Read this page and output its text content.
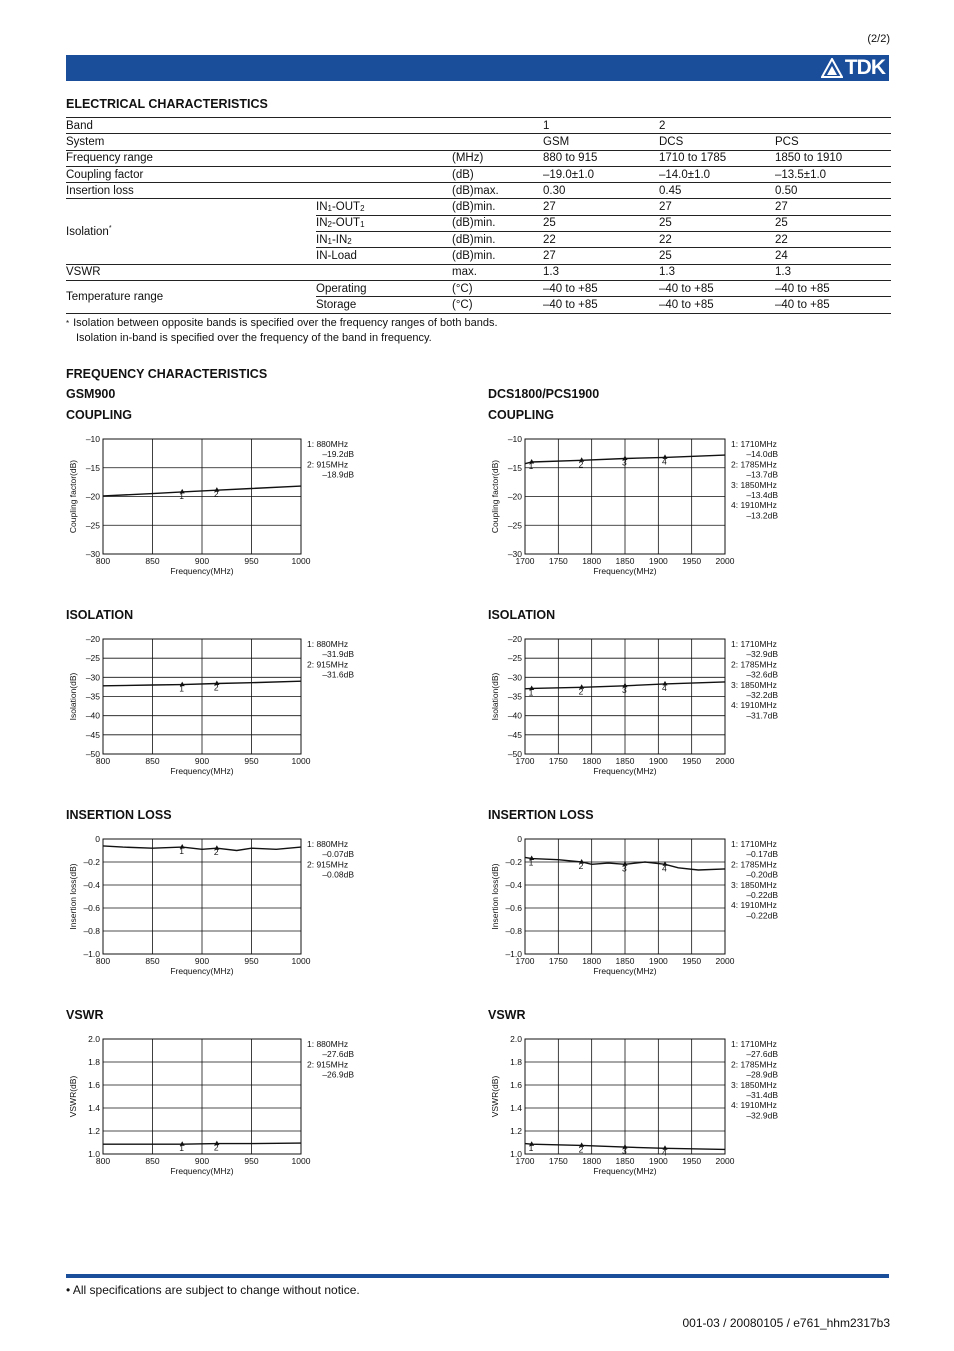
(2/2)
TDK
ELECTRICAL CHARACTERISTICS
Band			1	2	
System			GSM	DCS	PCS
Frequency range		(MHz)	880 to 915	1710 to 1785	1850 to 1910
Coupling factor		(dB)	–19.0±1.0	–14.0±1.0	–13.5±1.0
Insertion loss		(dB)max.	0.30	0.45	0.50
Isolation*	$IN_1-OUT_2$	(dB)min.	27	27	27
	$IN_2-OUT_1$	(dB)min.	25	25	25
	$IN_1-IN_2$	(dB)min.	22	22	22
	IN-Load	(dB)min.	27	25	24
VSWR		max.	1.3	1.3	1.3
Temperature range	Operating	(°C)	–40 to +85	–40 to +85	–40 to +85
	Storage	(°C)	–40 to +85	–40 to +85	–40 to +85
* Isolation between opposite bands is specified over the frequency ranges of both bands.
Isolation in-band is specified over the frequency of the band in frequency.
FREQUENCY CHARACTERISTICS
GSM900	DCS1800/PCS1900
COUPLING
800	850	900	950	1000
–10
–15
–20
–25
–30
Frequency(MHz)
Coupling factor(dB)	1	2
1: 880MHz
–19.2dB
2: 915MHz
–18.9dB
COUPLING
1700 1750 1800 1850 1900 1950 2000
–10
–15
–20
–25
–30
Frequency(MHz)
Coupling factor(dB)	1	2	3	4
1: 1710MHz
–14.0dB
2: 1785MHz
–13.7dB
3: 1850MHz
–13.4dB
4: 1910MHz
–13.2dB
ISOLATION
800	850	900	950	1000
–20
–25
–30
–35
–40
–45
–50
Frequency(MHz)
Isolation(dB)	1	2
1: 880MHz
–31.9dB
2: 915MHz
–31.6dB
ISOLATION
1700 1750 1800 1850 1900 1950 2000
–20
–25
–30
–35
–40
–45
–50
Frequency(MHz)
Isolation(dB)	1	2	3	4
1: 1710MHz
–32.9dB
2: 1785MHz
–32.6dB
3: 1850MHz
–32.2dB
4: 1910MHz
–31.7dB
INSERTION LOSS
800	850	900	950	1000
0
–0.2
–0.4
–0.6
–0.8
–1.0
Frequency(MHz)
Insertion loss(dB)
1	2
1: 880MHz
–0.07dB
2: 915MHz
–0.08dB
INSERTION LOSS
1700 1750 1800 1850 1900 1950 2000
0
–0.2
–0.4
–0.6
–0.8
–1.0
Frequency(MHz)
Insertion loss(dB)
1	2	3	4
1: 1710MHz
–0.17dB
2: 1785MHz
–0.20dB
3: 1850MHz
–0.22dB
4: 1910MHz
–0.22dB
VSWR
800	850	900	950	1000
2.0
1.8
1.6
1.4
1.2
1.0
Frequency(MHz)
VSWR(dB)
1	2
1: 880MHz
–27.6dB
2: 915MHz
–26.9dB
VSWR
1700 1750 1800 1850 1900 1950 2000
2.0
1.8
1.6
1.4
1.2
1.0
Frequency(MHz)
VSWR(dB)
1	2	3	4
1: 1710MHz
–27.6dB
2: 1785MHz
–28.9dB
3: 1850MHz
–31.4dB
4: 1910MHz
–32.9dB
• All specifications are subject to change without notice.
001-03 / 20080105 / e761_hhm2317b3
